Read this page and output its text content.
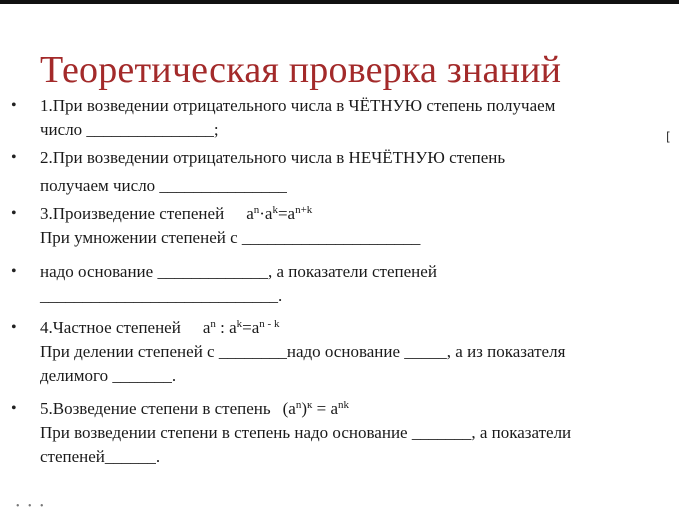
Теоретическая проверка знаний
• 1.При возведении отрицательного числа в ЧЁТНУЮ степень получаем
число _______________;
• 2.При возведении отрицательного числа в НЕЧЁТНУЮ степень
получаем число _______________
• 3.Произведение степеней $a^n\cdot a^k=a^{n+k}$
При умножении степеней с _____________________
• надо основание _____________, а показатели степеней
____________________________.
• 4.Частное степеней $a^n$ : $a^k=a^{n - k}$
При делении степеней с ________надо основание _____, а из показателя
делимого _______.
• 5.Возведение степени в степень $(a^n)^к = a^{nk}$
При возведении степени в степень надо основание _______, а показатели
степеней______.
[
• • •
